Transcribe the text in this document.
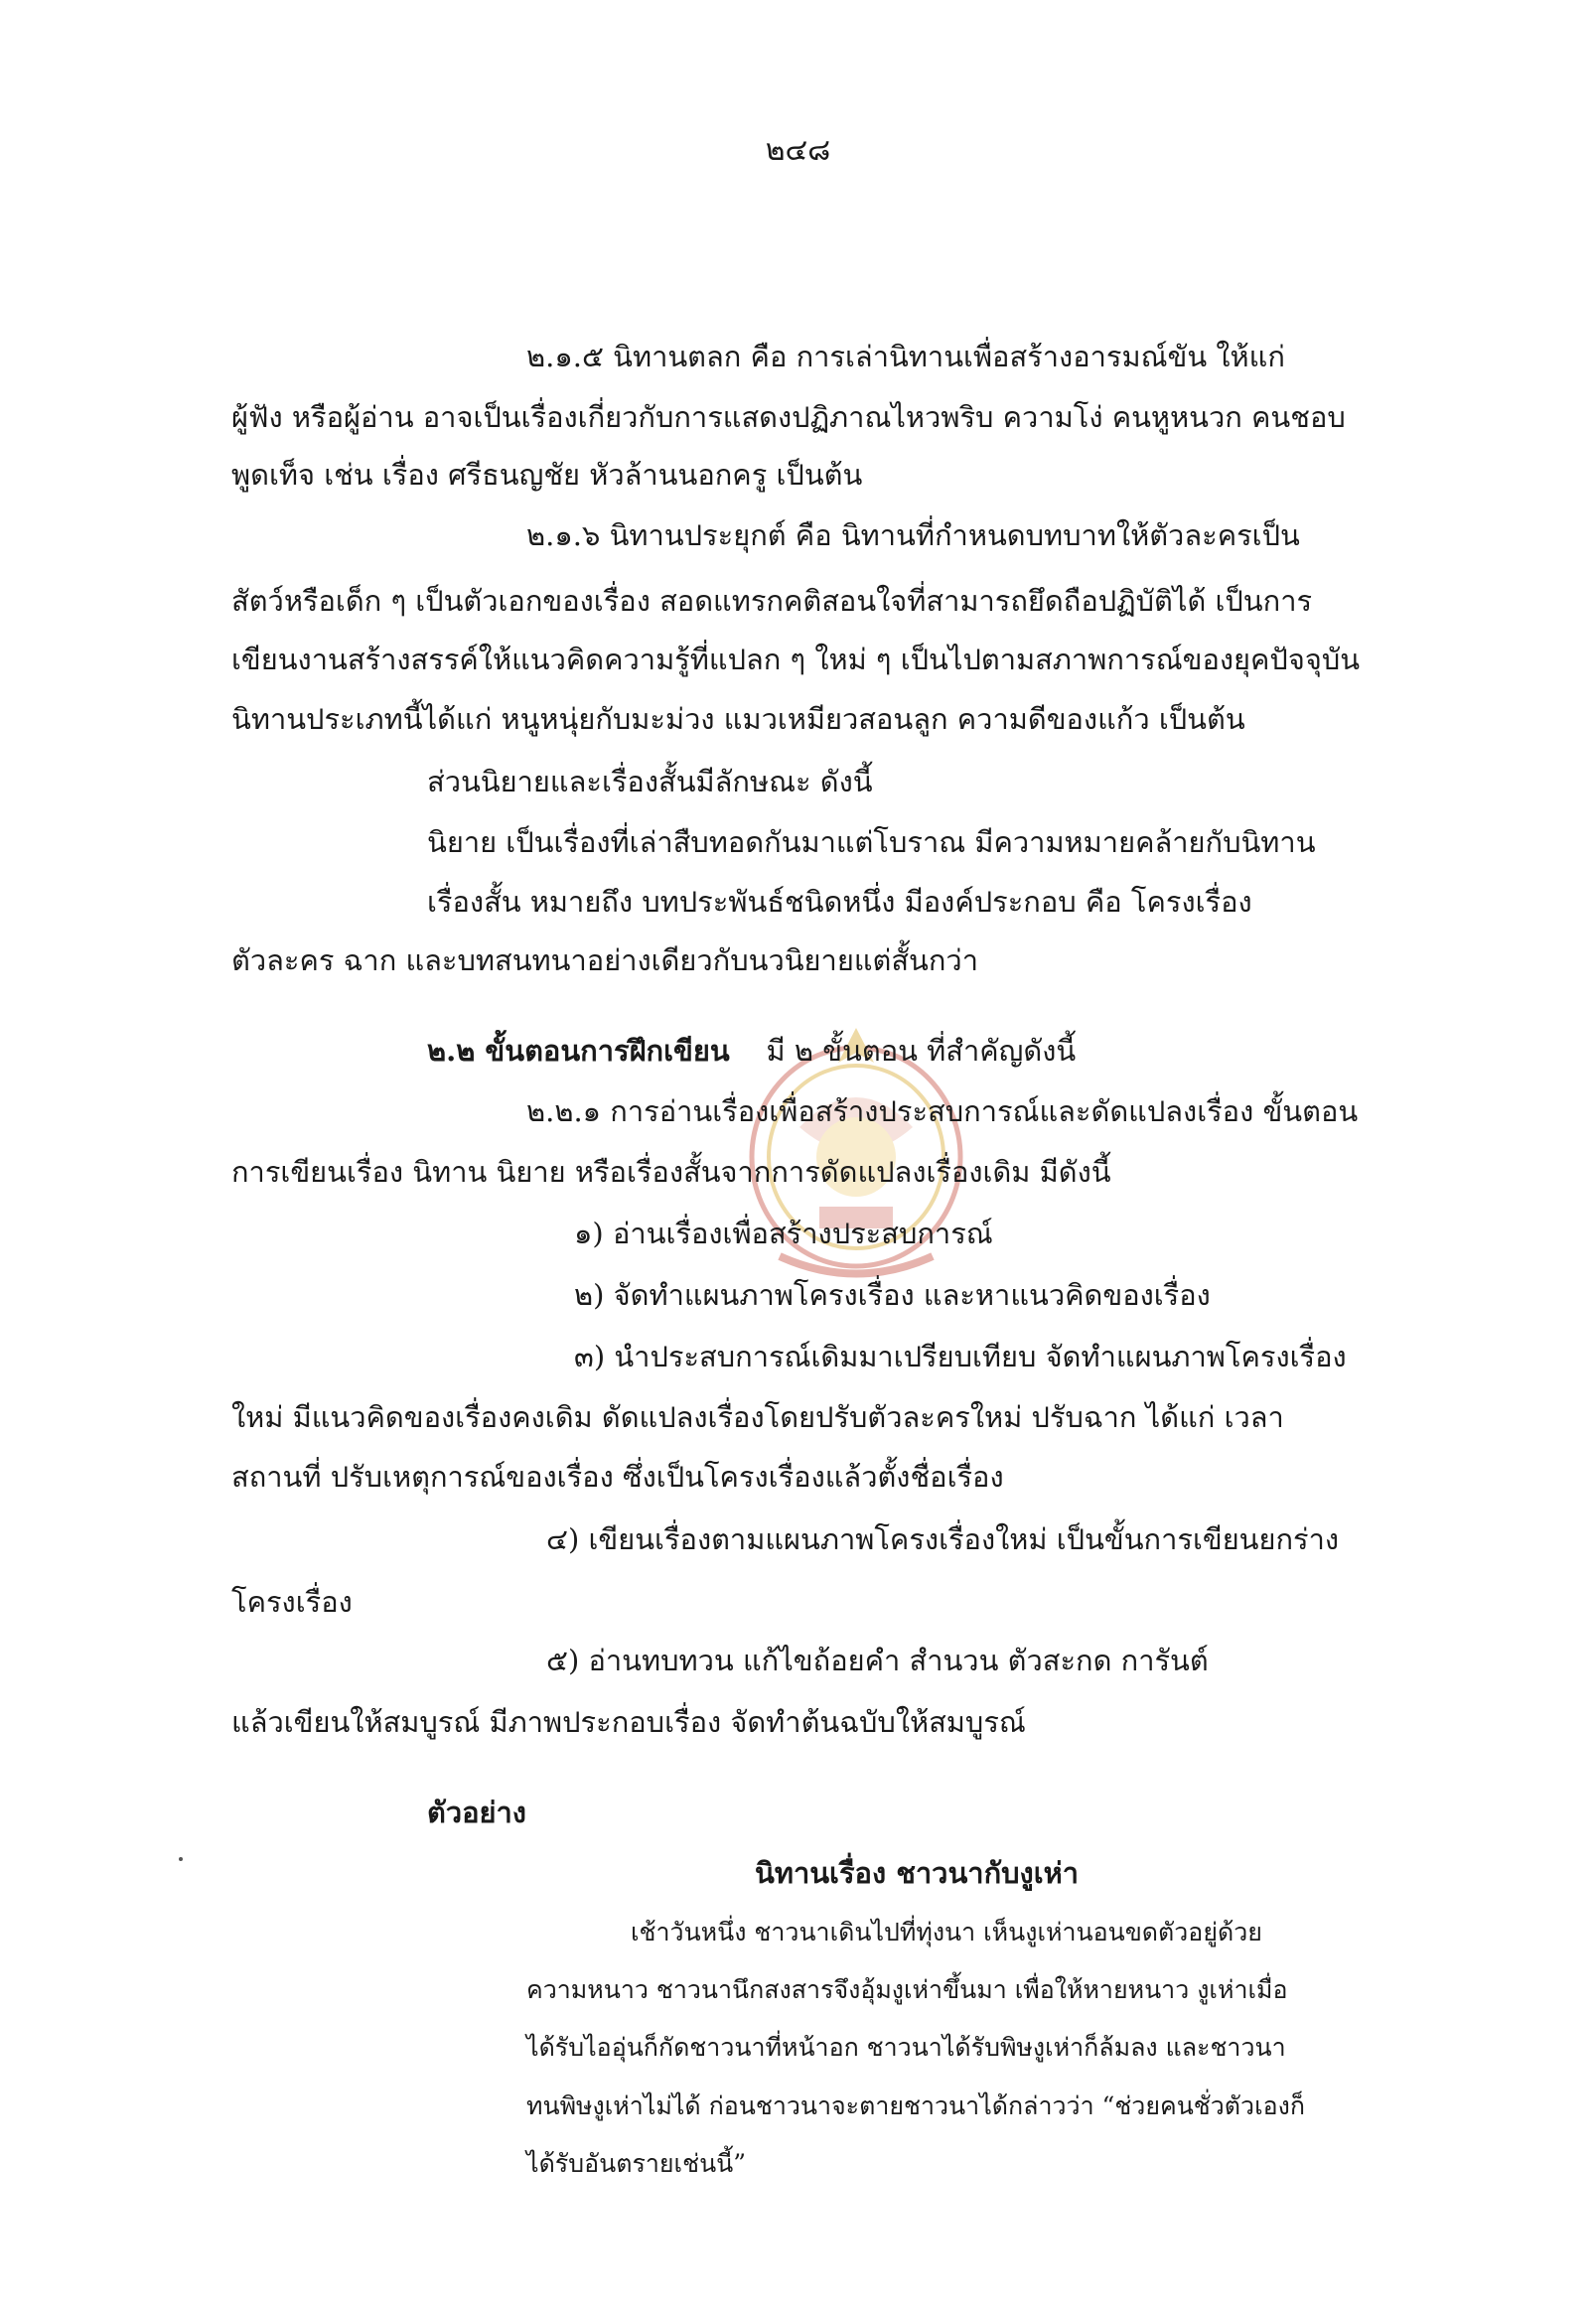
๒๔๘
๒.๑.๕ นิทานตลก คือ การเล่านิทานเพื่อสร้างอารมณ์ขัน ให้แก่
ผู้ฟัง หรือผู้อ่าน อาจเป็นเรื่องเกี่ยวกับการแสดงปฏิภาณไหวพริบ ความโง่ คนหูหนวก คนชอบ
พูดเท็จ เช่น เรื่อง ศรีธนญชัย หัวล้านนอกครู เป็นต้น
๒.๑.๖ นิทานประยุกต์ คือ นิทานที่กำหนดบทบาทให้ตัวละครเป็น
สัตว์หรือเด็ก ๆ เป็นตัวเอกของเรื่อง สอดแทรกคติสอนใจที่สามารถยึดถือปฏิบัติได้ เป็นการ
เขียนงานสร้างสรรค์ให้แนวคิดความรู้ที่แปลก ๆ ใหม่ ๆ เป็นไปตามสภาพการณ์ของยุคปัจจุบัน
นิทานประเภทนี้ได้แก่ หนูหนุ่ยกับมะม่วง แมวเหมียวสอนลูก ความดีของแก้ว เป็นต้น
ส่วนนิยายและเรื่องสั้นมีลักษณะ ดังนี้
นิยาย เป็นเรื่องที่เล่าสืบทอดกันมาแต่โบราณ มีความหมายคล้ายกับนิทาน
เรื่องสั้น หมายถึง บทประพันธ์ชนิดหนึ่ง มีองค์ประกอบ คือ โครงเรื่อง
ตัวละคร ฉาก และบทสนทนาอย่างเดียวกับนวนิยายแต่สั้นกว่า
๒.๒ ขั้นตอนการฝึกเขียน มี ๒ ขั้นตอน ที่สำคัญดังนี้
๒.๒.๑ การอ่านเรื่องเพื่อสร้างประสบการณ์และดัดแปลงเรื่อง ขั้นตอน
การเขียนเรื่อง นิทาน นิยาย หรือเรื่องสั้นจากการดัดแปลงเรื่องเดิม มีดังนี้
๑) อ่านเรื่องเพื่อสร้างประสบการณ์
๒) จัดทำแผนภาพโครงเรื่อง และหาแนวคิดของเรื่อง
๓) นำประสบการณ์เดิมมาเปรียบเทียบ จัดทำแผนภาพโครงเรื่อง
ใหม่ มีแนวคิดของเรื่องคงเดิม ดัดแปลงเรื่องโดยปรับตัวละครใหม่ ปรับฉาก ได้แก่ เวลา
สถานที่ ปรับเหตุการณ์ของเรื่อง ซึ่งเป็นโครงเรื่องแล้วตั้งชื่อเรื่อง
๔) เขียนเรื่องตามแผนภาพโครงเรื่องใหม่ เป็นขั้นการเขียนยกร่าง
โครงเรื่อง
๕) อ่านทบทวน แก้ไขถ้อยคำ สำนวน ตัวสะกด การันต์
แล้วเขียนให้สมบูรณ์ มีภาพประกอบเรื่อง จัดทำต้นฉบับให้สมบูรณ์
ตัวอย่าง
นิทานเรื่อง ชาวนากับงูเห่า
เช้าวันหนึ่ง ชาวนาเดินไปที่ทุ่งนา เห็นงูเห่านอนขดตัวอยู่ด้วย
ความหนาว ชาวนานึกสงสารจึงอุ้มงูเห่าขึ้นมา เพื่อให้หายหนาว งูเห่าเมื่อ
ได้รับไออุ่นก็กัดชาวนาที่หน้าอก ชาวนาได้รับพิษงูเห่าก็ล้มลง และชาวนา
ทนพิษงูเห่าไม่ได้ ก่อนชาวนาจะตายชาวนาได้กล่าวว่า “ช่วยคนชั่วตัวเองก็
ได้รับอันตรายเช่นนี้”
